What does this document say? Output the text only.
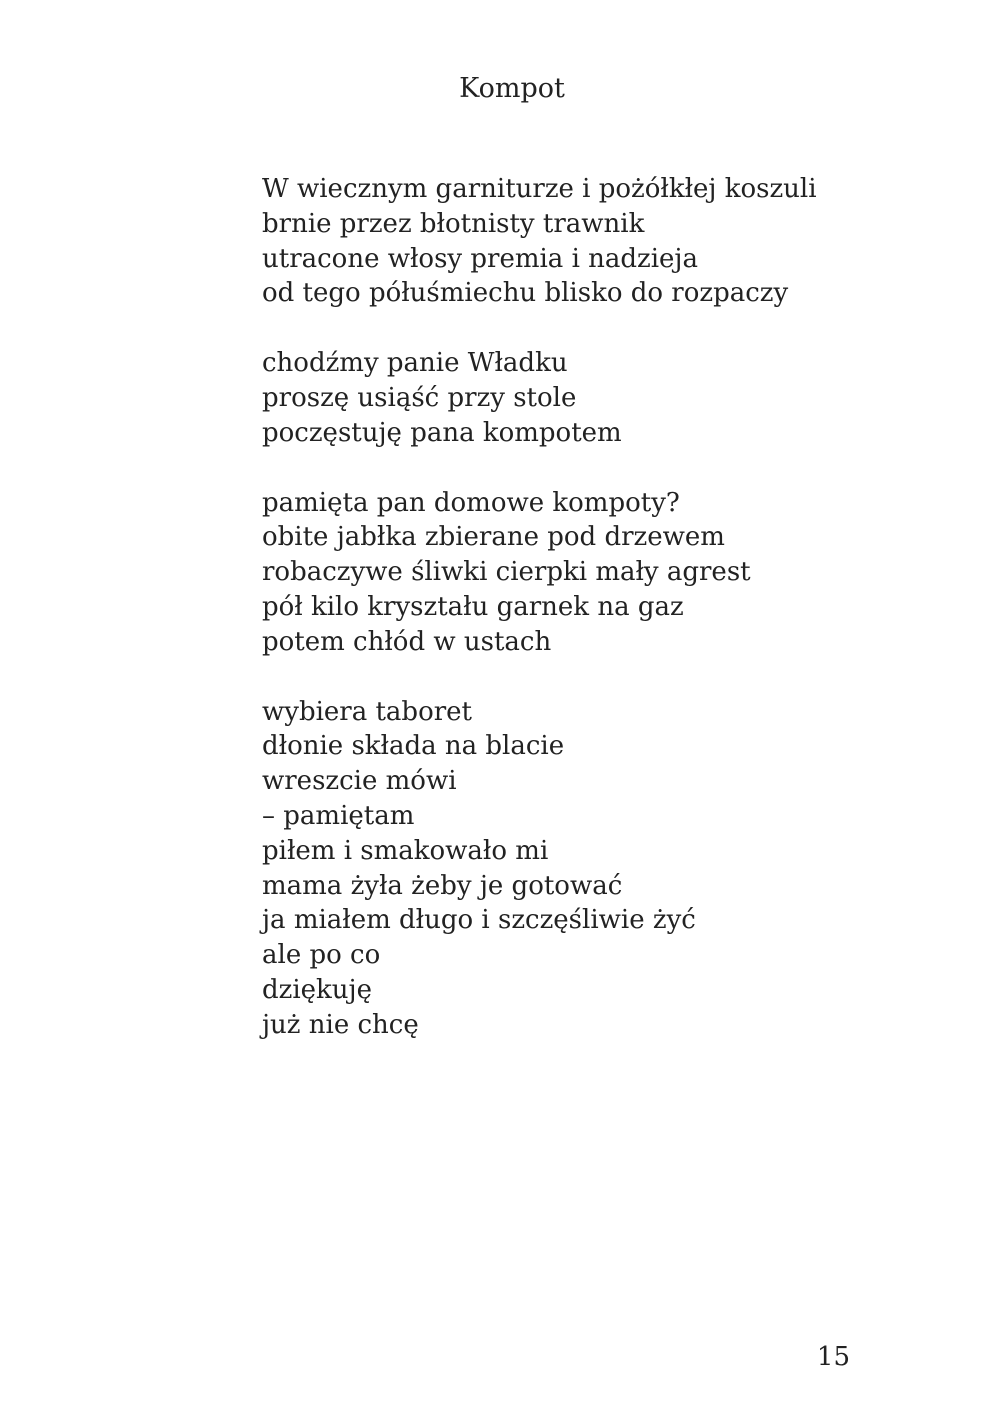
Kompot
W wiecznym garniturze i pożółkłej koszuli
brnie przez błotnisty trawnik
utracone włosy premia i nadzieja
od tego półuśmiechu blisko do rozpaczy
chodźmy panie Władku
proszę usiąść przy stole
poczęstuję pana kompotem
pamięta pan domowe kompoty?
obite jabłka zbierane pod drzewem
robaczywe śliwki cierpki mały agrest
pół kilo kryształu garnek na gaz
potem chłód w ustach
wybiera taboret
dłonie składa na blacie
wreszcie mówi
– pamiętam
piłem i smakowało mi
mama żyła żeby je gotować
ja miałem długo i szczęśliwie żyć
ale po co
dziękuję
już nie chcę
15
